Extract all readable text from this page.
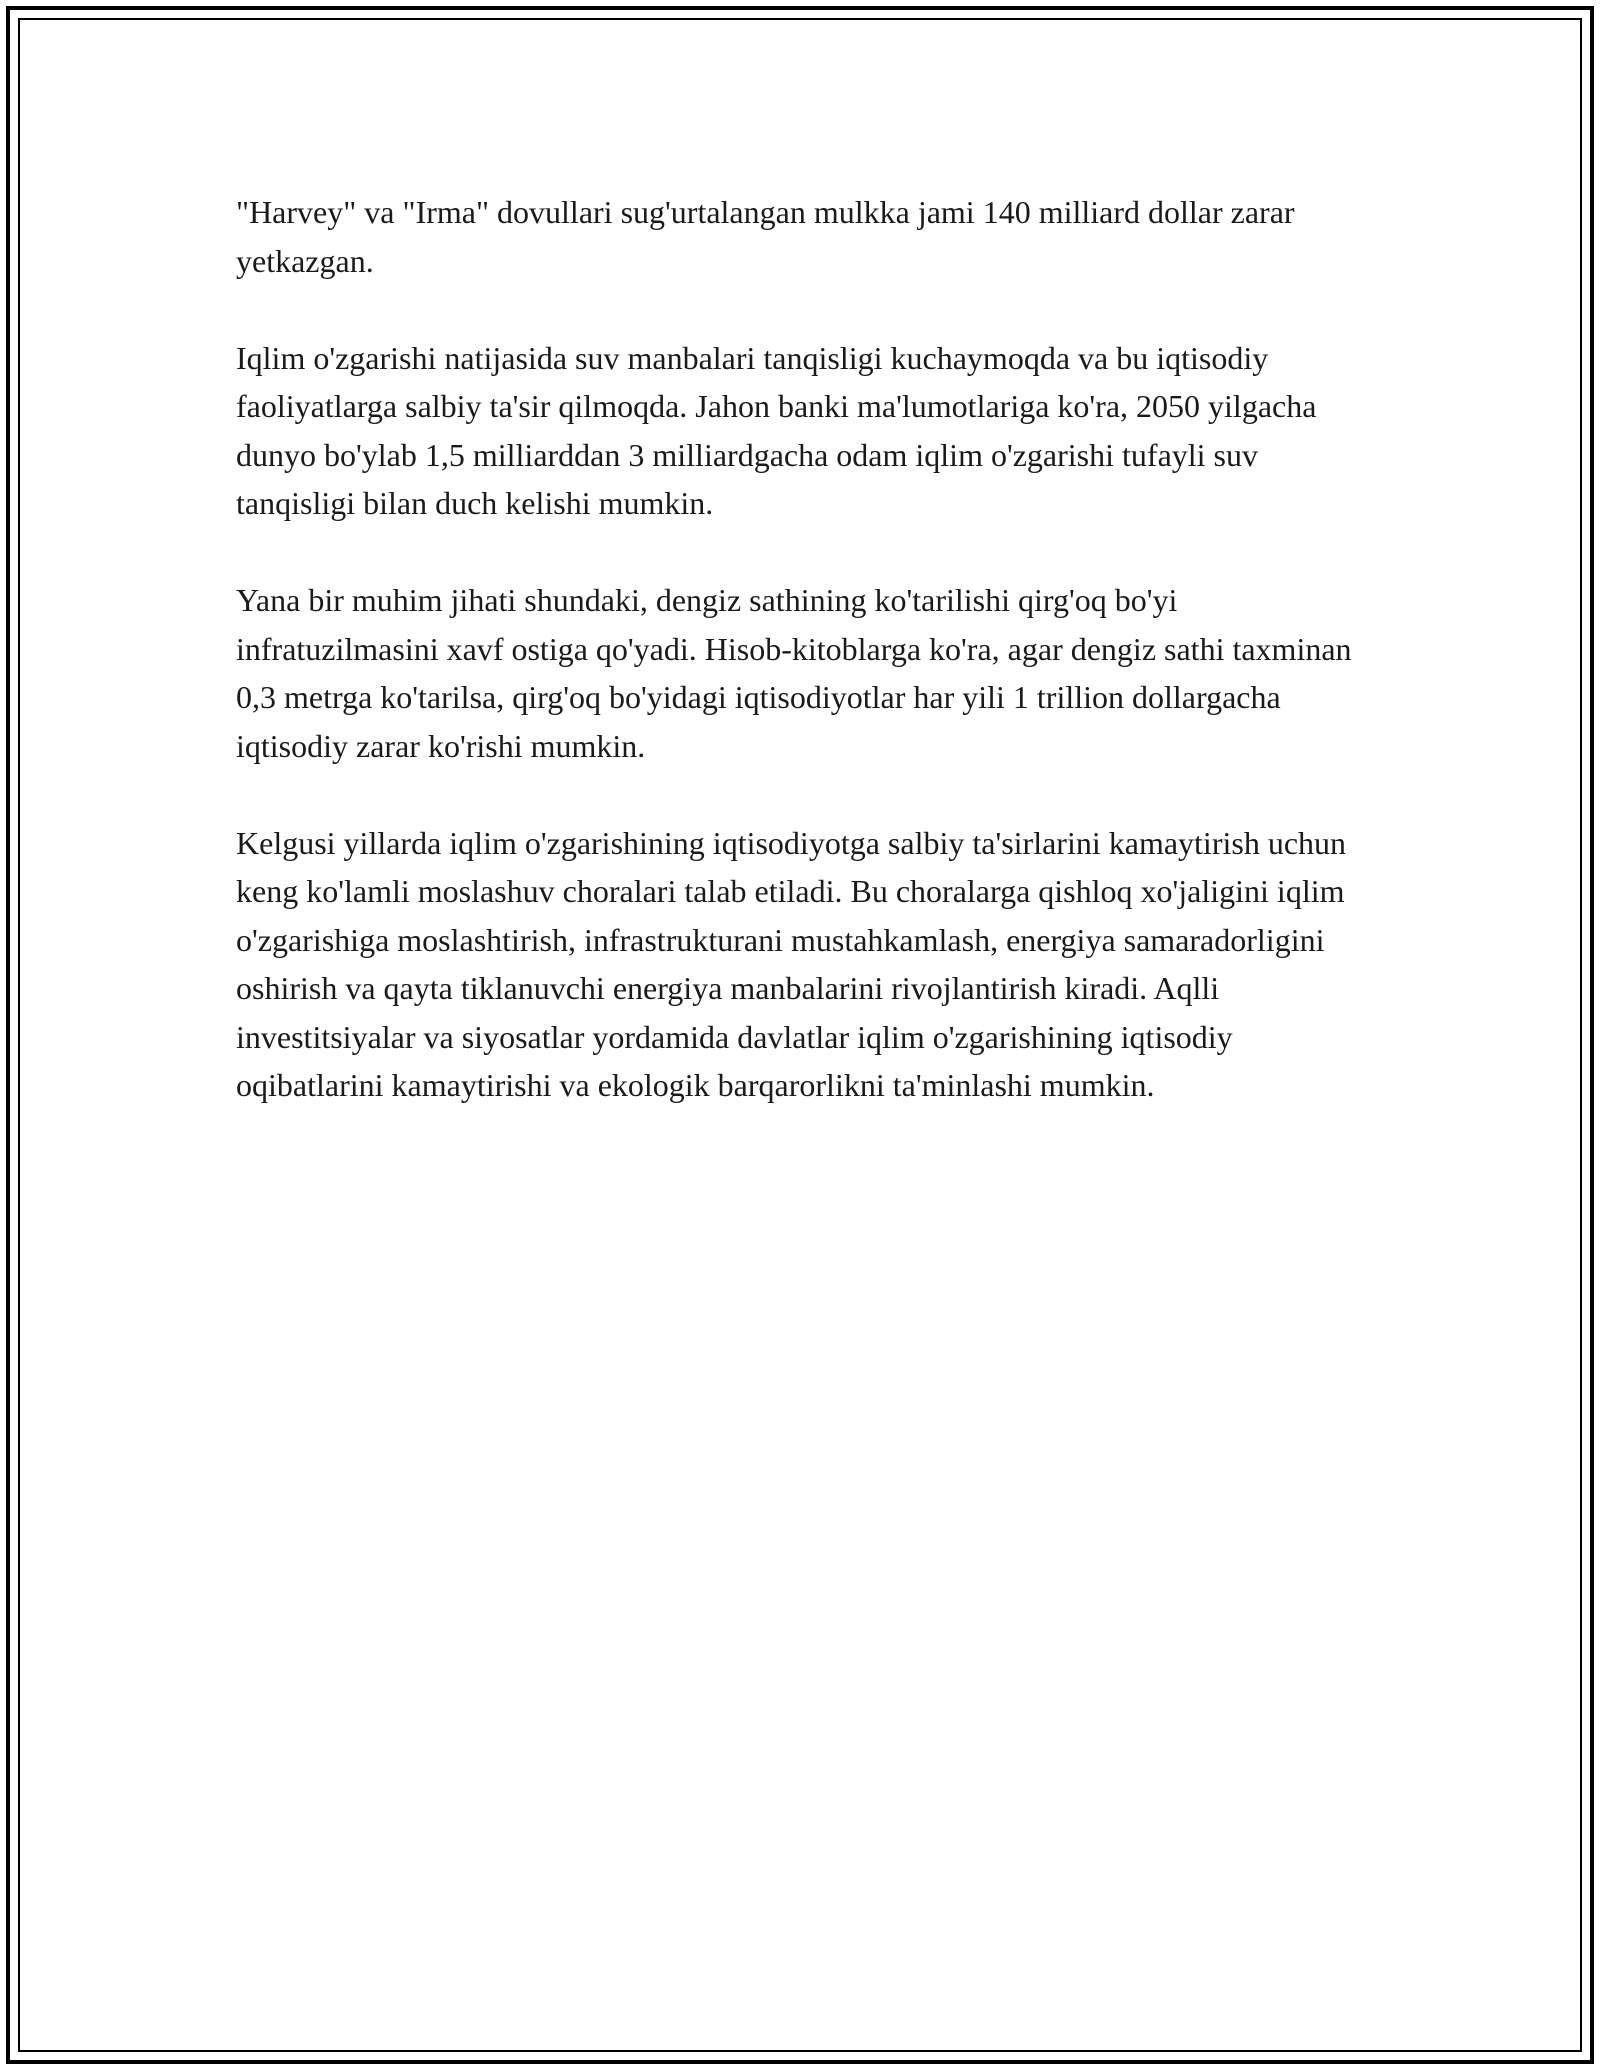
"Harvey" va "Irma" dovullari sug'urtalangan mulkka jami 140 milliard dollar zarar yetkazgan.

Iqlim o'zgarishi natijasida suv manbalari tanqisligi kuchaymoqda va bu iqtisodiy faoliyatlarga salbiy ta'sir qilmoqda. Jahon banki ma'lumotlariga ko'ra, 2050 yilgacha dunyo bo'ylab 1,5 milliarddan 3 milliardgacha odam iqlim o'zgarishi tufayli suv tanqisligi bilan duch kelishi mumkin.

Yana bir muhim jihati shundaki, dengiz sathining ko'tarilishi qirg'oq bo'yi infratuzilmasini xavf ostiga qo'yadi. Hisob-kitoblarga ko'ra, agar dengiz sathi taxminan 0,3 metrga ko'tarilsa, qirg'oq bo'yidagi iqtisodiyotlar har yili 1 trillion dollargacha iqtisodiy zarar ko'rishi mumkin.

Kelgusi yillarda iqlim o'zgarishining iqtisodiyotga salbiy ta'sirlarini kamaytirish uchun keng ko'lamli moslashuv choralari talab etiladi. Bu choralarga qishloq xo'jaligini iqlim o'zgarishiga moslashtirish, infrastrukturani mustahkamlash, energiya samaradorligini oshirish va qayta tiklanuvchi energiya manbalarini rivojlantirish kiradi. Aqlli investitsiyalar va siyosatlar yordamida davlatlar iqlim o'zgarishining iqtisodiy oqibatlarini kamaytirishi va ekologik barqarorlikni ta'minlashi mumkin.
